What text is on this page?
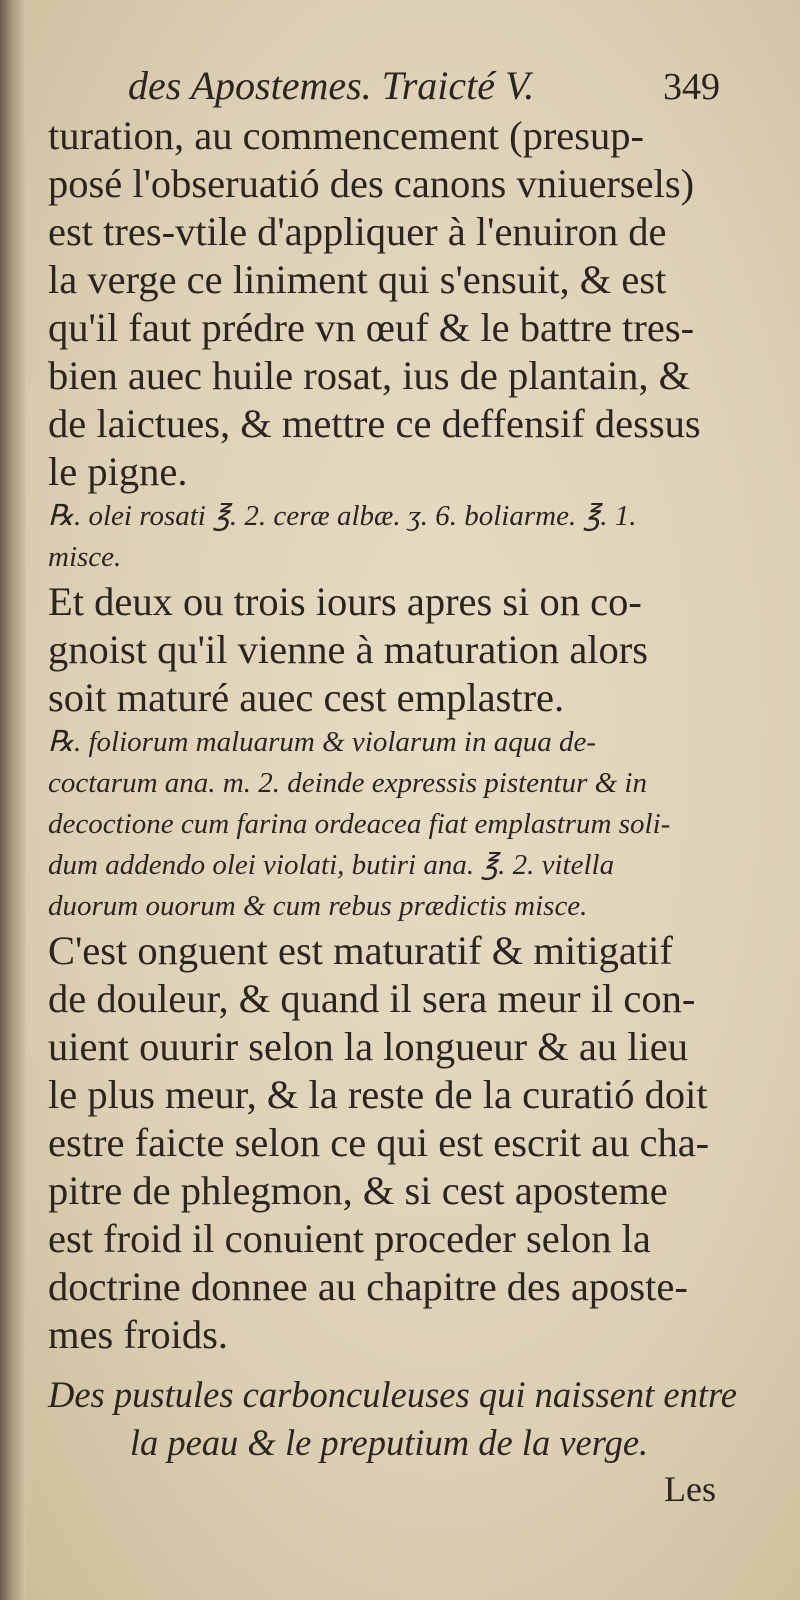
des Apostemes. Traicté V.	349
turation, au commencement (presup-
posé l'obseruatió des canons vniuersels)
est tres-vtile d'appliquer à l'enuiron de
la verge ce liniment qui s'ensuit, & est
qu'il faut prédre vn œuf & le battre tres-
bien auec huile rosat, ius de plantain, &
de laictues, & mettre ce deffensif dessus
le pigne.
℞. olei rosati ℥. 2. ceræ albæ. ʒ. 6. boliarme. ℥. 1.
misce.
Et deux ou trois iours apres si on co-
gnoist qu'il vienne à maturation alors
soit maturé auec cest emplastre.
℞. foliorum maluarum & violarum in aqua de-
coctarum ana. m. 2. deinde expressis pistentur & in
decoctione cum farina ordeacea fiat emplastrum soli-
dum addendo olei violati, butiri ana. ℥. 2. vitella
duorum ouorum & cum rebus prædictis misce.
C'est onguent est maturatif & mitigatif
de douleur, & quand il sera meur il con-
uient ouurir selon la longueur & au lieu
le plus meur, & la reste de la curatió doit
estre faicte selon ce qui est escrit au cha-
pitre de phlegmon, & si cest aposteme
est froid il conuient proceder selon la
doctrine donnee au chapitre des aposte-
mes froids.
Des pustules carbonculeuses qui naissent entre
la peau & le preputium de la verge.
Les
